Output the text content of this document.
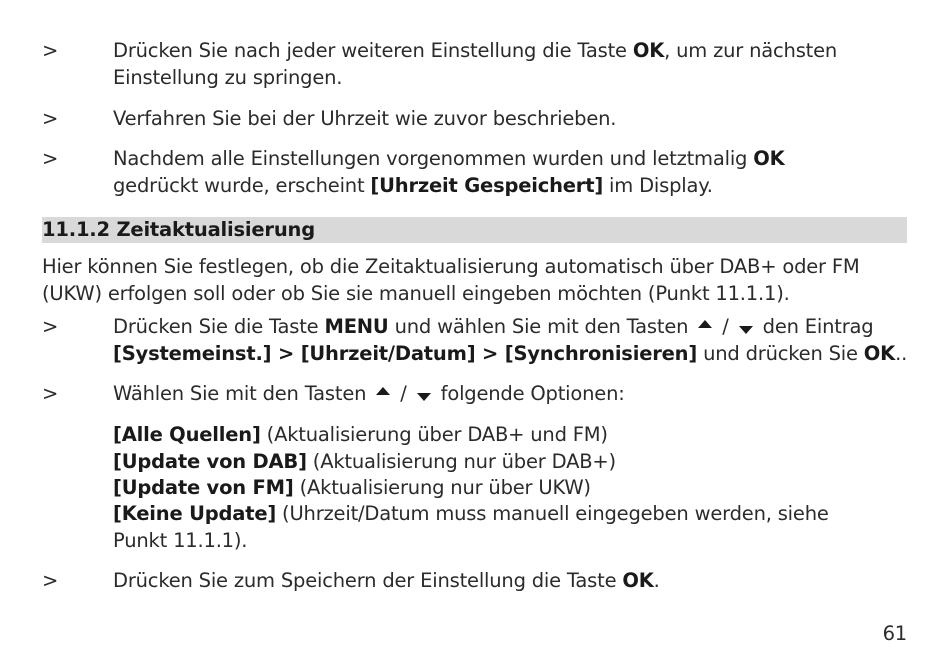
>	Drücken Sie nach jeder weiteren Einstellung die Taste OK, um zur nächsten
Einstellung zu springen.
>	Verfahren Sie bei der Uhrzeit wie zuvor beschrieben.
>	Nachdem alle Einstellungen vorgenommen wurden und letztmalig OK
gedrückt wurde, erscheint [Uhrzeit Gespeichert] im Display.
11.1.2 Zeitaktualisierung
Hier können Sie festlegen, ob die Zeitaktualisierung automatisch über DAB+ oder FM
(UKW) erfolgen soll oder ob Sie sie manuell eingeben möchten (Punkt 11.1.1).
>	Drücken Sie die Taste MENU und wählen Sie mit den Tasten  /  den Eintrag
[Systemeinst.] > [Uhrzeit/Datum] > [Synchronisieren] und drücken Sie OK..
>	Wählen Sie mit den Tasten  /  folgende Optionen:
[Alle Quellen] (Aktualisierung über DAB+ und FM)
[Update von DAB] (Aktualisierung nur über DAB+)
[Update von FM] (Aktualisierung nur über UKW)
[Keine Update] (Uhrzeit/Datum muss manuell eingegeben werden, siehe
Punkt 11.1.1).
>	Drücken Sie zum Speichern der Einstellung die Taste OK.
61
